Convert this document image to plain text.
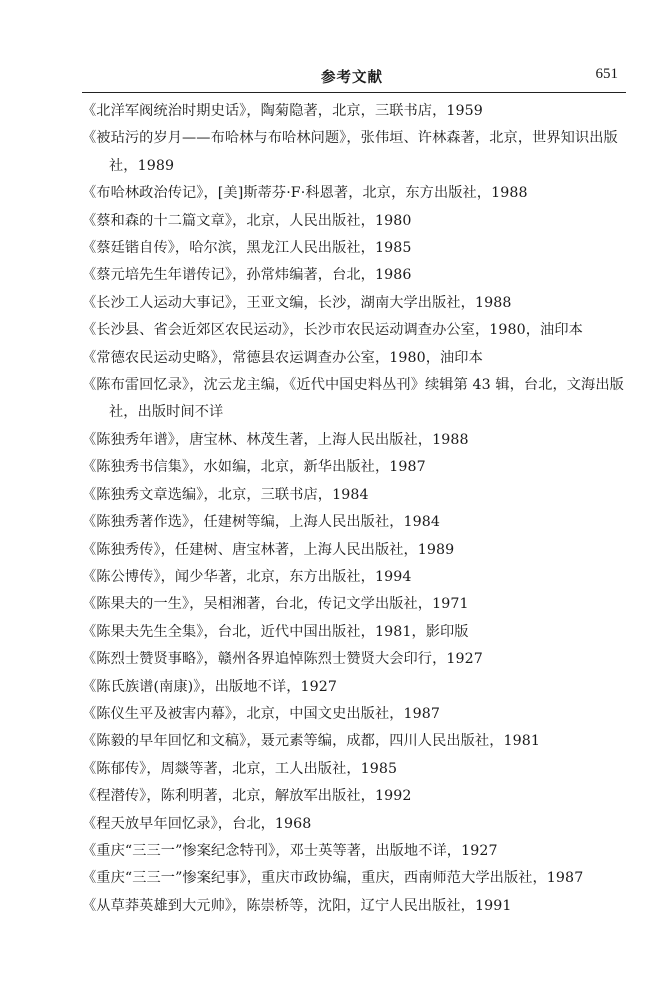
参考文献	651
《北洋军阀统治时期史话》，陶菊隐著，北京，三联书店，1959
《被玷污的岁月——布哈林与布哈林问题》，张伟垣、许林森著，北京，世界知识出版社，1989
《布哈林政治传记》，[美]斯蒂芬·F·科恩著，北京，东方出版社，1988
《蔡和森的十二篇文章》，北京，人民出版社，1980
《蔡廷锴自传》，哈尔滨，黑龙江人民出版社，1985
《蔡元培先生年谱传记》，孙常炜编著，台北，1986
《长沙工人运动大事记》，王亚文编，长沙，湖南大学出版社，1988
《长沙县、省会近郊区农民运动》，长沙市农民运动调查办公室，1980，油印本
《常德农民运动史略》，常德县农运调查办公室，1980，油印本
《陈布雷回忆录》，沈云龙主编，《近代中国史料丛刊》续辑第 43 辑，台北，文海出版社，出版时间不详
《陈独秀年谱》，唐宝林、林茂生著，上海人民出版社，1988
《陈独秀书信集》，水如编，北京，新华出版社，1987
《陈独秀文章选编》，北京，三联书店，1984
《陈独秀著作选》，任建树等编，上海人民出版社，1984
《陈独秀传》，任建树、唐宝林著，上海人民出版社，1989
《陈公博传》，闻少华著，北京，东方出版社，1994
《陈果夫的一生》，吴相湘著，台北，传记文学出版社，1971
《陈果夫先生全集》，台北，近代中国出版社，1981，影印版
《陈烈士赞贤事略》，赣州各界追悼陈烈士赞贤大会印行，1927
《陈氏族谱(南康)》，出版地不详，1927
《陈仪生平及被害内幕》，北京，中国文史出版社，1987
《陈毅的早年回忆和文稿》，聂元素等编，成都，四川人民出版社，1981
《陈郁传》，周燚等著，北京，工人出版社，1985
《程潜传》，陈利明著，北京，解放军出版社，1992
《程天放早年回忆录》，台北，1968
《重庆“三三一”惨案纪念特刊》，邓士英等著，出版地不详，1927
《重庆“三三一”惨案纪事》，重庆市政协编，重庆，西南师范大学出版社，1987
《从草莽英雄到大元帅》，陈崇桥等，沈阳，辽宁人民出版社，1991
